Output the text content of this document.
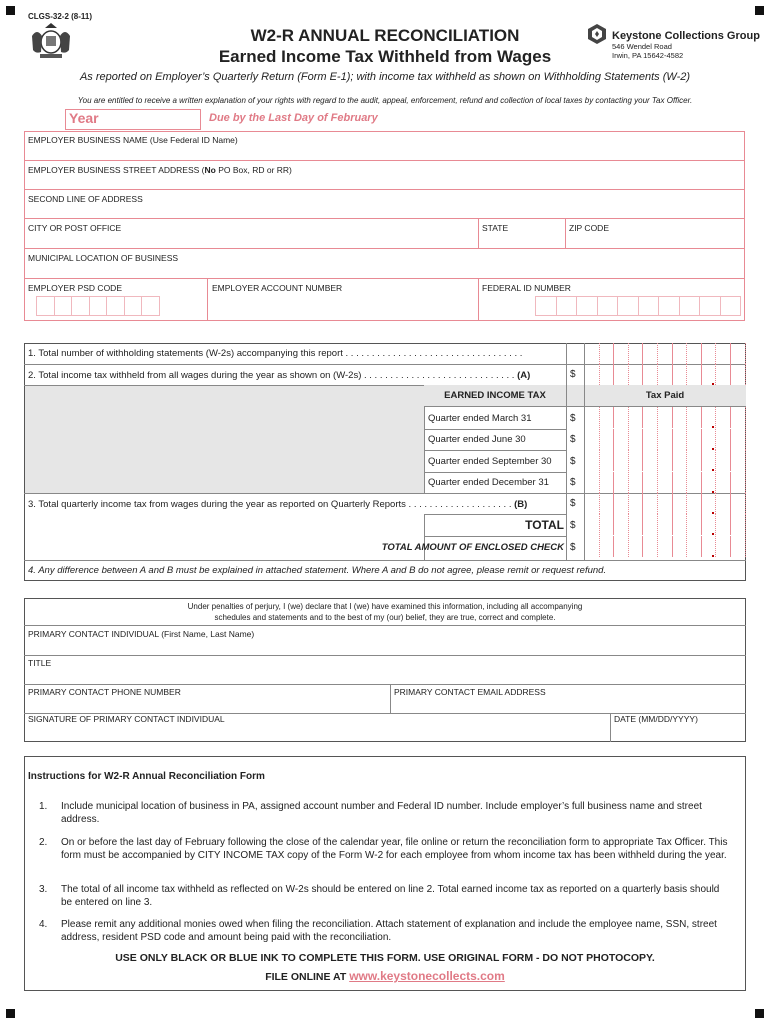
CLGS-32-2 (8-11)
W2-R ANNUAL RECONCILIATION
Earned Income Tax Withheld from Wages
Keystone Collections Group
546 Wendel Road
Irwin, PA 15642-4582
As reported on Employer’s Quarterly Return (Form E-1); with income tax withheld as shown on Withholding Statements (W-2)
You are entitled to receive a written explanation of your rights with regard to the audit, appeal, enforcement, refund and collection of local taxes by contacting your Tax Officer.
Year	Due by the Last Day of February
EMPLOYER BUSINESS NAME (Use Federal ID Name)
EMPLOYER BUSINESS STREET ADDRESS (No PO Box, RD or RR)
SECOND LINE OF ADDRESS
CITY OR POST OFFICE	STATE	ZIP CODE
MUNICIPAL LOCATION OF BUSINESS
EMPLOYER PSD CODE	EMPLOYER ACCOUNT NUMBER	FEDERAL ID NUMBER
EARNED INCOME TAX	Tax Paid
1. Total number of withholding statements (W-2s) accompanying this report . . . . . . . . . . . . . . . . . . . . . . . . . . . . . . . . . .
2. Total income tax withheld from all wages during the year as shown on (W-2s) . . . . . . . . . . . . . . . . . . . . . . . . . . . . . (A)	$
Quarter ended March 31	$
Quarter ended June 30	$
Quarter ended September 30 $
Quarter ended December 31 $
3. Total quarterly income tax from wages during the year as reported on Quarterly Reports . . . . . . . . . . . . . . . . . . . . (B)	$
TOTAL $
TOTAL AMOUNT OF ENCLOSED CHECK $
4. Any difference between A and B must be explained in attached statement. Where A and B do not agree, please remit or request refund.
Under penalties of perjury, I (we) declare that I (we) have examined this information, including all accompanying
schedules and statements and to the best of my (our) belief, they are true, correct and complete.
PRIMARY CONTACT INDIVIDUAL (First Name, Last Name)
TITLE
PRIMARY CONTACT PHONE NUMBER	PRIMARY CONTACT EMAIL ADDRESS
SIGNATURE OF PRIMARY CONTACT INDIVIDUAL	DATE (MM/DD/YYYY)
Instructions for W2-R Annual Reconciliation Form

1. Include municipal location of business in PA, assigned account number and Federal ID number. Include employer’s full business name and street address.

2. On or before the last day of February following the close of the calendar year, file online or return the reconciliation form to appropriate Tax Officer. This form must be accompanied by CITY INCOME TAX copy of the Form W-2 for each employee from whom income tax has been withheld during the year.

3. The total of all income tax withheld as reflected on W-2s should be entered on line 2. Total earned income tax as reported on a quarterly basis should be entered on line 3.

4. Please remit any additional monies owed when filing the reconciliation. Attach statement of explanation and include the employee name, SSN, street address, resident PSD code and amount being paid with the reconciliation.

USE ONLY BLACK OR BLUE INK TO COMPLETE THIS FORM. USE ORIGINAL FORM - DO NOT PHOTOCOPY.
FILE ONLINE AT www.keystonecollects.com
